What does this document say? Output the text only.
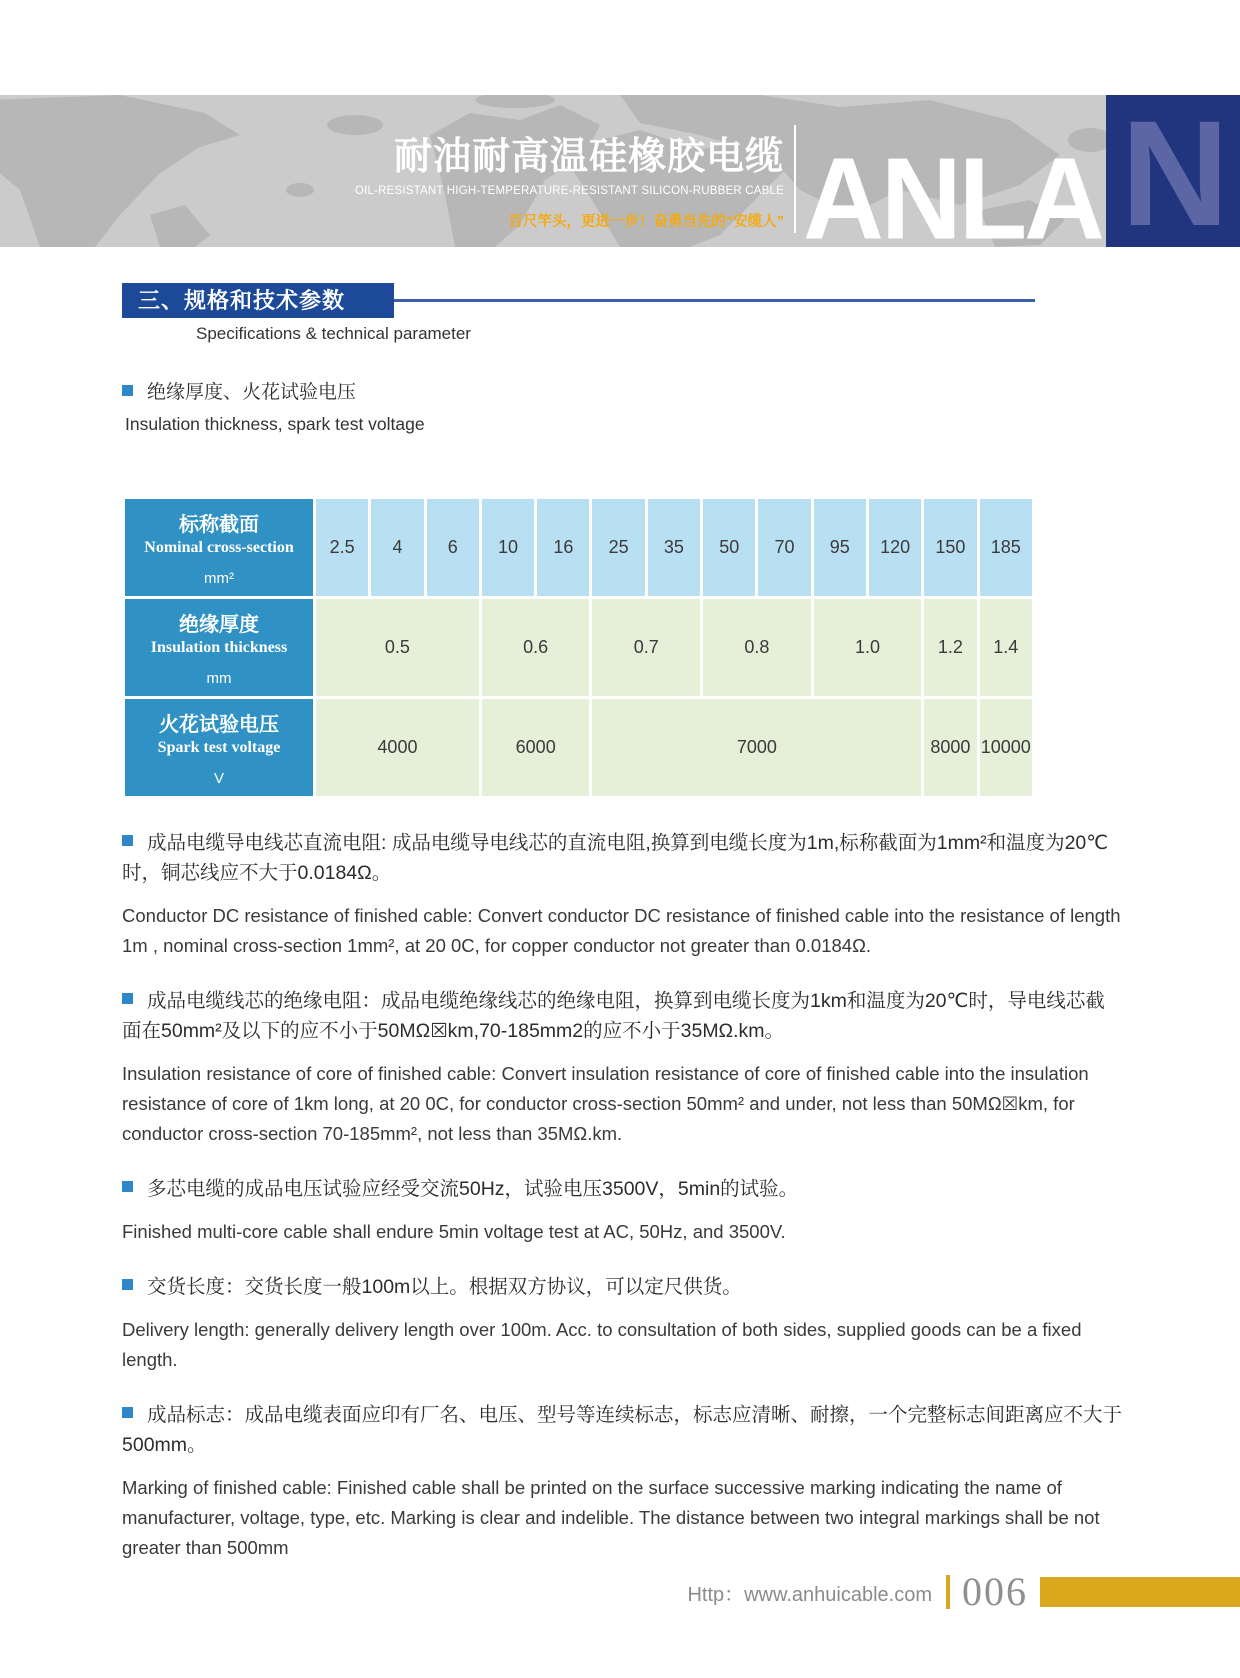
ANLA N
耐油耐高温硅橡胶电缆
OIL-RESISTANT HIGH-TEMPERATURE-RESISTANT SILICON-RUBBER CABLE
百尺竿头，更进一步！奋勇当先的“安缆人”
三、规格和技术参数
Specifications & technical parameter
绝缘厚度、火花试验电压
Insulation thickness, spark test voltage
标称截面
Nominal cross-section
mm²	2.5	4	6	10	16	25	35	50	70	95	120	150	185

绝缘厚度
Insulation thickness
mm	0.5			0.6		0.7		0.8		1.0		1.2	1.4

火花试验电压
Spark test voltage
V	4000			6000		7000						8000	10000

成品电缆导电线芯直流电阻: 成品电缆导电线芯的直流电阻,换算到电缆长度为1m,标称截面为1mm²和温度为20℃时，铜芯线应不大于0.0184Ω。

Conductor DC resistance of finished cable: Convert conductor DC resistance of finished cable into the resistance of length 1m , nominal cross-section 1mm², at 20 0C, for copper conductor not greater than 0.0184Ω.

成品电缆线芯的绝缘电阻：成品电缆绝缘线芯的绝缘电阻，换算到电缆长度为1km和温度为20℃时，导电线芯截面在50mm²及以下的应不小于50MΩ☒km,70-185mm2的应不小于35MΩ.km。

Insulation resistance of core of finished cable: Convert insulation resistance of core of finished cable into the insulation resistance of core of 1km long, at 20 0C, for conductor cross-section 50mm² and under, not less than 50MΩ☒km, for conductor cross-section 70-185mm², not less than 35MΩ.km.

多芯电缆的成品电压试验应经受交流50Hz，试验电压3500V，5min的试验。

Finished multi-core cable shall endure 5min voltage test at AC, 50Hz, and 3500V.

交货长度：交货长度一般100m以上。根据双方协议，可以定尺供货。

Delivery length: generally delivery length over 100m. Acc. to consultation of both sides, supplied goods can be a fixed length.

成品标志：成品电缆表面应印有厂名、电压、型号等连续标志，标志应清晰、耐擦，一个完整标志间距离应不大于500mm。

Marking of finished cable: Finished cable shall be printed on the surface successive marking indicating the name of manufacturer, voltage, type, etc. Marking is clear and indelible. The distance between two integral markings shall be not greater than 500mm

Http：www.anhuicable.com 006
